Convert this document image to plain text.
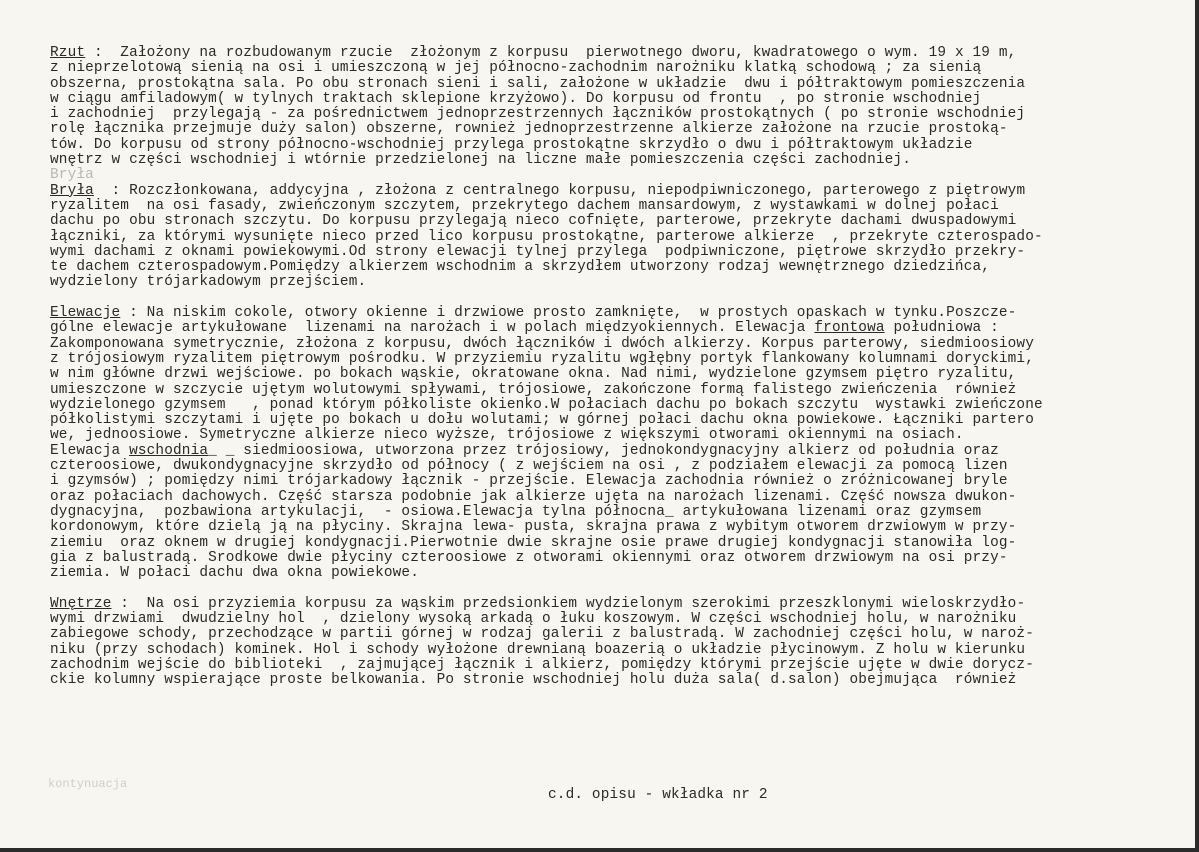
Rzut :  Założony na rozbudowanym rzucie  złożonym z korpusu  pierwotnego dworu, kwadratowego o wym. 19 x 19 m,
z nieprzelotową sienią na osi i umieszczoną w jej północno-zachodnim narożniku klatką schodową ; za sienią
obszerna, prostokątna sala. Po obu stronach sieni i sali, założone w układzie  dwu i półtraktowym pomieszczenia
w ciągu amfiladowym( w tylnych traktach sklepione krzyżowo). Do korpusu od frontu  , po stronie wschodniej
i zachodniej  przylegają - za pośrednictwem jednoprzestrzennych łączników prostokątnych ( po stronie wschodniej
rolę łącznika przejmuje duży salon) obszerne, rownież jednoprzestrzenne alkierze założone na rzucie prostoką-
tów. Do korpusu od strony północno-wschodniej przylega prostokątne skrzydło o dwu i półtraktowym układzie
wnętrz w części wschodniej i wtórnie przedzielonej na liczne małe pomieszczenia części zachodniej.
Bryła
Bryła  : Rozczłonkowana, addycyjna , złożona z centralnego korpusu, niepodpiwniczonego, parterowego z piętrowym
ryzalitem  na osi fasady, zwieńczonym szczytem, przekrytego dachem mansardowym, z wystawkami w dolnej połaci
dachu po obu stronach szczytu. Do korpusu przylegają nieco cofnięte, parterowe, przekryte dachami dwuspadowymi
łączniki, za którymi wysunięte nieco przed lico korpusu prostokątne, parterowe alkierze  , przekryte czterospado-
wymi dachami z oknami powiekowymi.Od strony elewacji tylnej przylega  podpiwniczone, piętrowe skrzydło przekry-
te dachem czterospadowym.Pomiędzy alkierzem wschodnim a skrzydłem utworzony rodzaj wewnętrznego dziedzińca,
wydzielony trójarkadowym przejściem.
Elewacje : Na niskim cokole, otwory okienne i drzwiowe prosto zamknięte,  w prostych opaskach w tynku.Poszcze-
gólne elewacje artykułowane  lizenami na narożach i w polach międzyokiennych. Elewacja frontowa południowa :
Zakomponowana symetrycznie, złożona z korpusu, dwóch łączników i dwóch alkierzy. Korpus parterowy, siedmioosiowy
z trójosiowym ryzalitem piętrowym pośrodku. W przyziemiu ryzalitu wgłębny portyk flankowany kolumnami doryckimi,
w nim główne drzwi wejściowe. po bokach wąskie, okratowane okna. Nad nimi, wydzielone gzymsem piętro ryzalitu,
umieszczone w szczycie ujętym wolutowymi spływami, trójosiowe, zakończone formą falistego zwieńczenia  również
wydzielonego gzymsem   , ponad którym półkoliste okienko.W połaciach dachu po bokach szczytu  wystawki zwieńczone
półkolistymi szczytami i ujęte po bokach u dołu wolutami; w górnej połaci dachu okna powiekowe. Łączniki partero
we, jednoosiowe. Symetryczne alkierze nieco wyższe, trójosiowe z większymi otworami okiennymi na osiach.
Elewacja wschodnia_ _ siedmioosiowa, utworzona przez trójosiowy, jednokondygnacyjny alkierz od południa oraz
czteroosiowe, dwukondygnacyjne skrzydło od północy ( z wejściem na osi , z podziałem elewacji za pomocą lizen
i gzymsów) ; pomiędzy nimi trójarkadowy łącznik - przejście. Elewacja zachodnia również o zróżnicowanej bryle
oraz połaciach dachowych. Część starsza podobnie jak alkierze ujęta na narożach lizenami. Część nowsza dwukon-
dygnacyjna,  pozbawiona artykulacji,  - osiowa.Elewacja tylna północna_ artykułowana lizenami oraz gzymsem
kordonowym, które dzielą ją na płyciny. Skrajna lewa- pusta, skrajna prawa z wybitym otworem drzwiowym w przy-
ziemiu  oraz oknem w drugiej kondygnacji.Pierwotnie dwie skrajne osie prawe drugiej kondygnacji stanowiła log-
gia z balustradą. Srodkowe dwie płyciny czteroosiowe z otworami okiennymi oraz otworem drzwiowym na osi przy-
ziemia. W połaci dachu dwa okna powiekowe.
Wnętrze :  Na osi przyziemia korpusu za wąskim przedsionkiem wydzielonym szerokimi przeszklonymi wieloskrzydło-
wymi drzwiami  dwudzielny hol  , dzielony wysoką arkadą o łuku koszowym. W części wschodniej holu, w narożniku
zabiegowe schody, przechodzące w partii górnej w rodzaj galerii z balustradą. W zachodniej części holu, w naroż-
niku (przy schodach) kominek. Hol i schody wyłożone drewnianą boazerią o układzie płycinowym. Z holu w kierunku
zachodnim wejście do biblioteki  , zajmującej łącznik i alkierz, pomiędzy którymi przejście ujęte w dwie dorycz-
ckie kolumny wspierające proste belkowania. Po stronie wschodniej holu duża sala( d.salon) obejmująca  również
kontynuacja
c.d. opisu - wkładka nr 2
